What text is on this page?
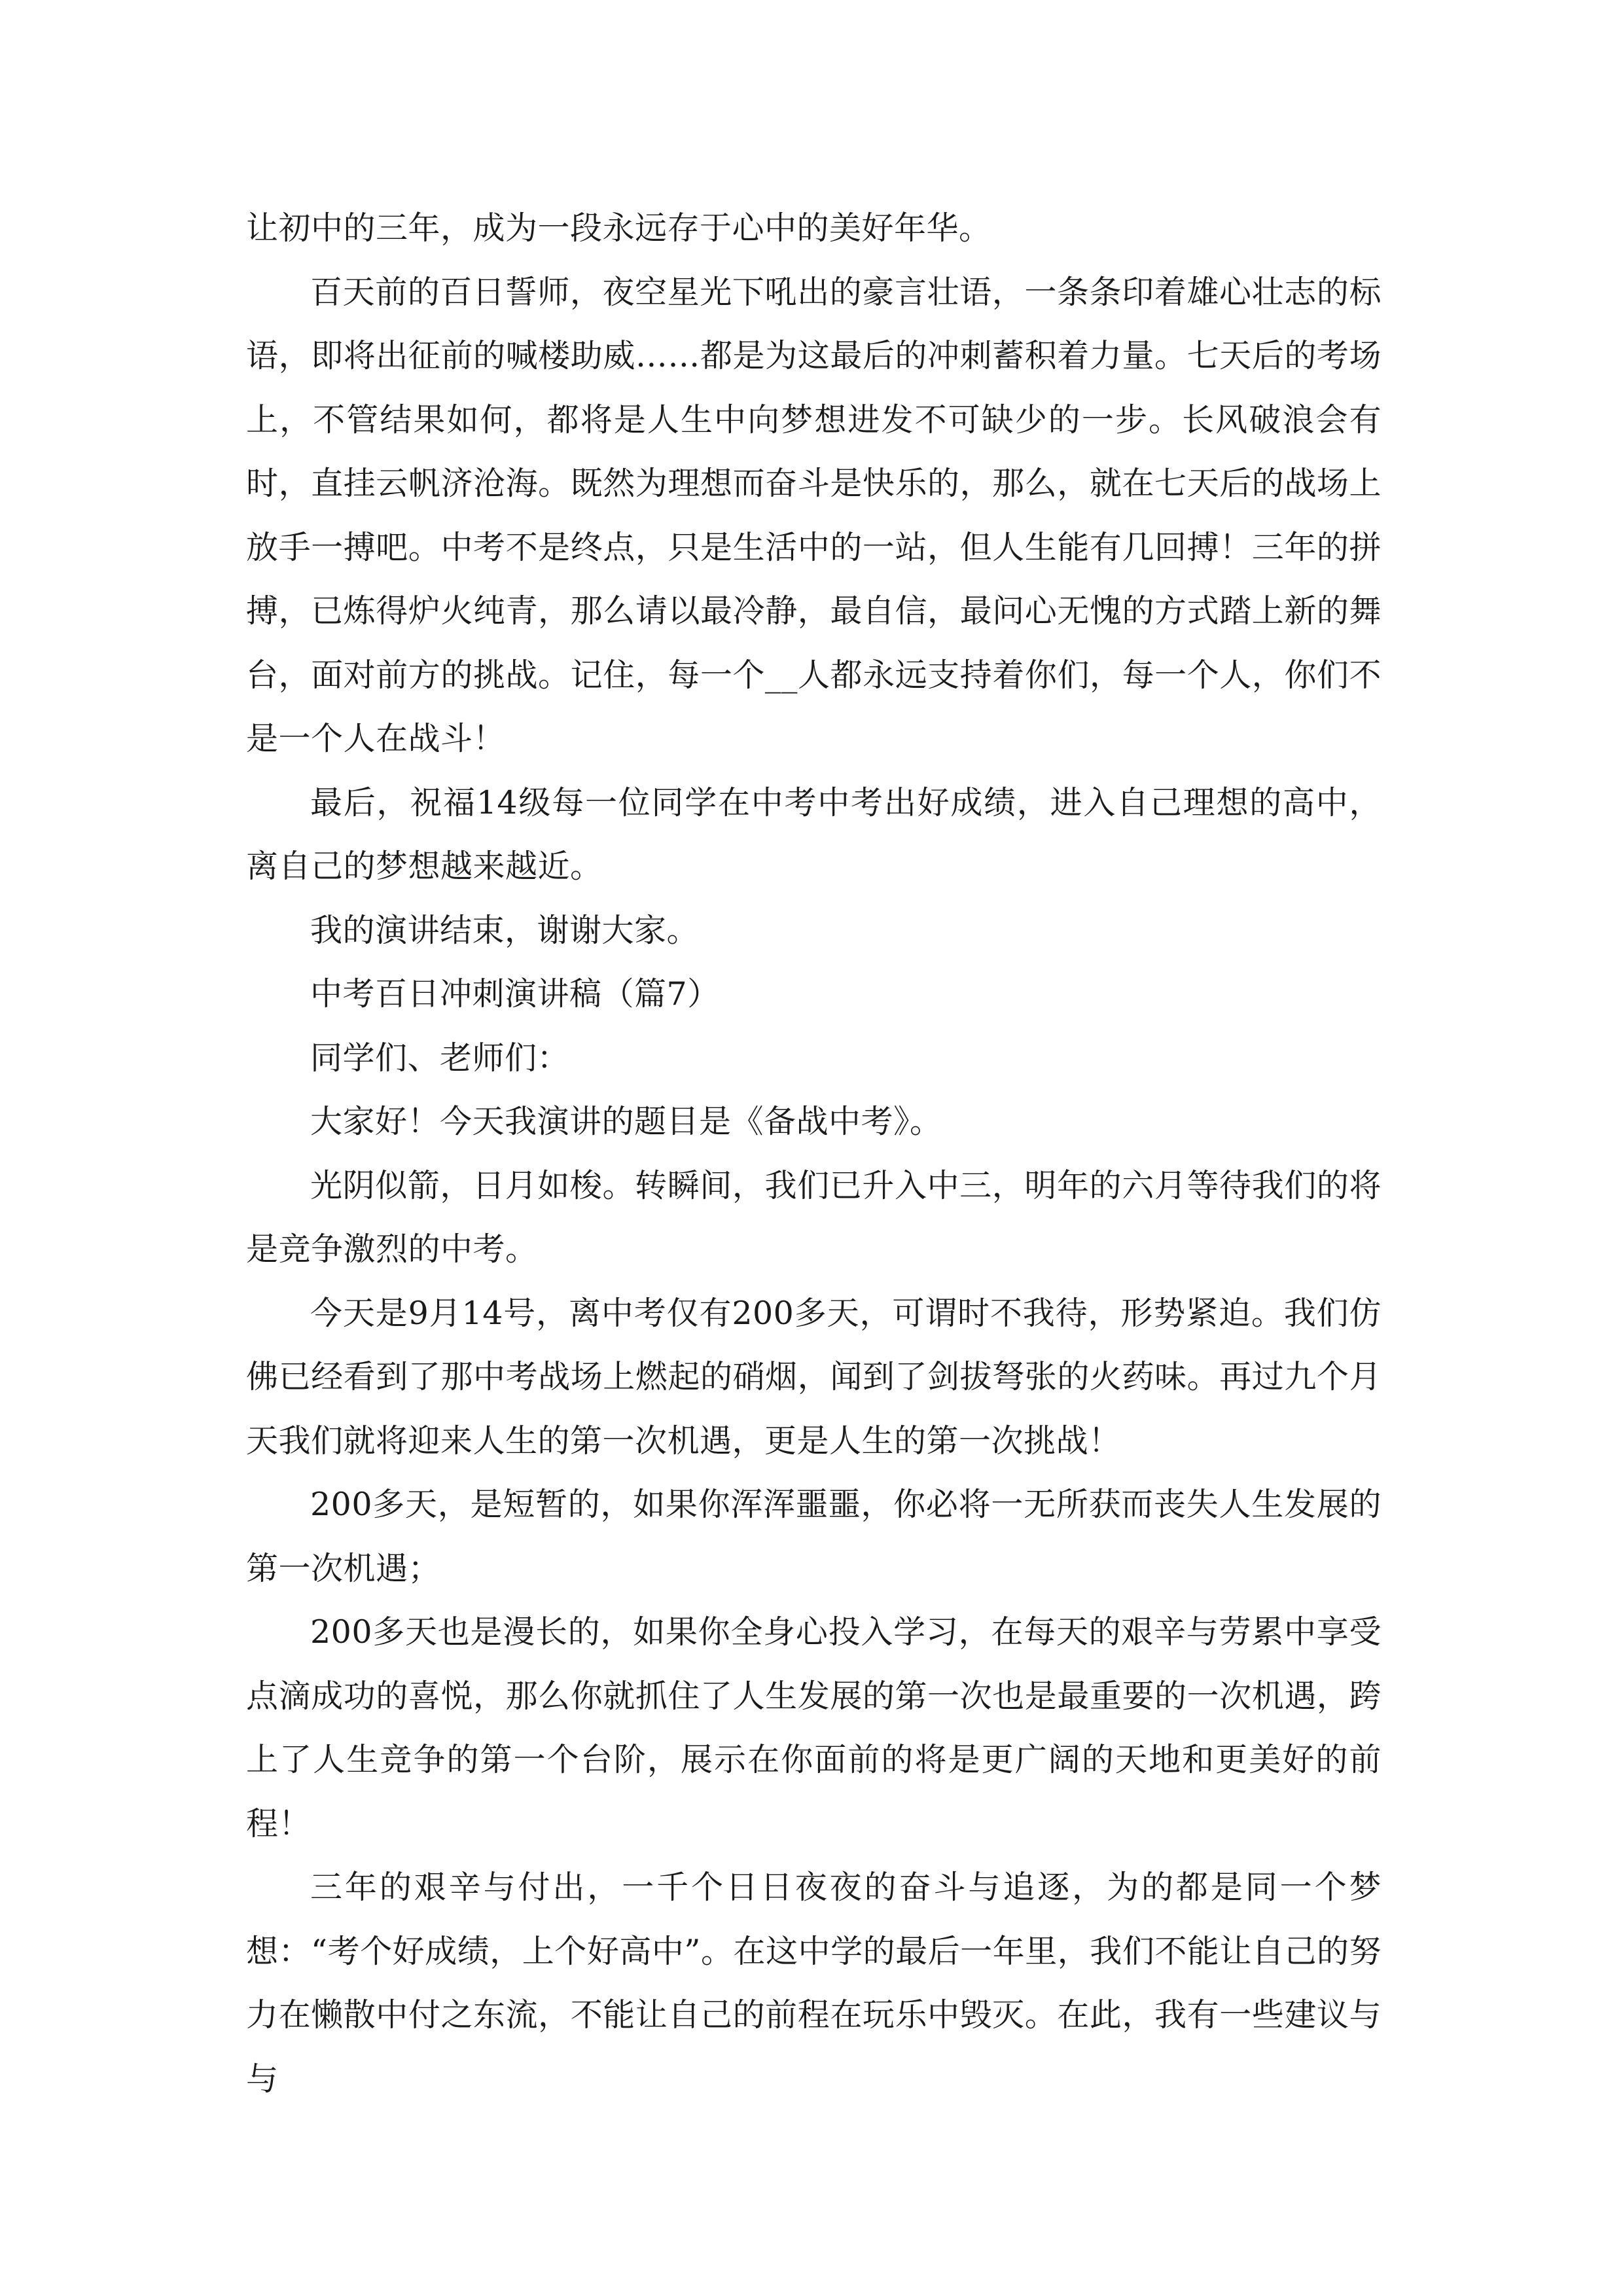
让初中的三年，成为一段永远存于心中的美好年华。

百天前的百日誓师，夜空星光下吼出的豪言壮语，一条条印着雄心壮志的标语，即将出征前的喊楼助威……都是为这最后的冲刺蓄积着力量。七天后的考场上，不管结果如何，都将是人生中向梦想进发不可缺少的一步。长风破浪会有时，直挂云帆济沧海。既然为理想而奋斗是快乐的，那么，就在七天后的战场上放手一搏吧。中考不是终点，只是生活中的一站，但人生能有几回搏！三年的拼搏，已炼得炉火纯青，那么请以最冷静，最自信，最问心无愧的方式踏上新的舞台，面对前方的挑战。记住，每一个__人都永远支持着你们，每一个人，你们不是一个人在战斗！

最后，祝福14级每一位同学在中考中考出好成绩，进入自己理想的高中，离自己的梦想越来越近。

我的演讲结束，谢谢大家。

中考百日冲刺演讲稿（篇7）

同学们、老师们：

大家好！今天我演讲的题目是《备战中考》。

光阴似箭，日月如梭。转瞬间，我们已升入中三，明年的六月等待我们的将是竞争激烈的中考。

今天是9月14号，离中考仅有200多天，可谓时不我待，形势紧迫。我们仿佛已经看到了那中考战场上燃起的硝烟，闻到了剑拔弩张的火药味。再过九个月天我们就将迎来人生的第一次机遇，更是人生的第一次挑战！

200多天，是短暂的，如果你浑浑噩噩，你必将一无所获而丧失人生发展的第一次机遇；

200多天也是漫长的，如果你全身心投入学习，在每天的艰辛与劳累中享受点滴成功的喜悦，那么你就抓住了人生发展的第一次也是最重要的一次机遇，跨上了人生竞争的第一个台阶，展示在你面前的将是更广阔的天地和更美好的前程！

三年的艰辛与付出，一千个日日夜夜的奋斗与追逐，为的都是同一个梦想：“考个好成绩，上个好高中”。在这中学的最后一年里，我们不能让自己的努力在懒散中付之东流，不能让自己的前程在玩乐中毁灭。在此，我有一些建议与与
